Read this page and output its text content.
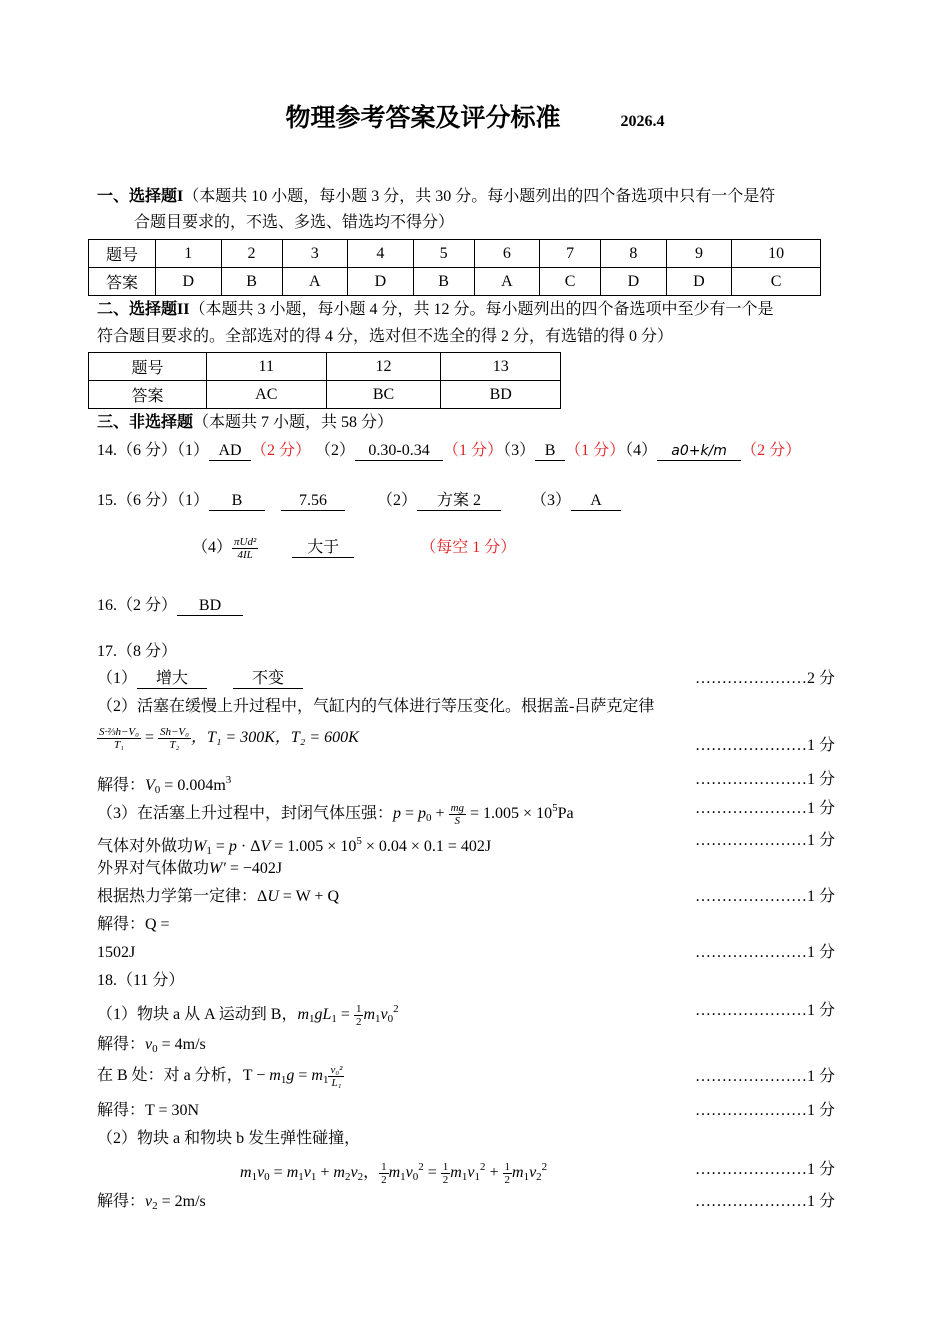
物理参考答案及评分标准	2026.4
一、选择题I（本题共 10 小题，每小题 3 分，共 30 分。每小题列出的四个备选项中只有一个是符
合题目要求的，不选、多选、错选均不得分）
题号	1	2	3	4	5	6	7	8	9	10
答案	D	B	A	D	B	A	C	D	D	C
二、选择题II（本题共 3 小题，每小题 4 分，共 12 分。每小题列出的四个备选项中至少有一个是
符合题目要求的。全部选对的得 4 分，选对但不选全的得 2 分，有选错的得 0 分）
题号	11	12	13
答案	AC	BC	BD
三、非选择题（本题共 7 小题，共 58 分）
14.（6 分）（1） AD （2 分） （2） 0.30-0.34 （1 分）（3） B （1 分）（4） a0+k/m （2 分）
15.（6 分）（1） B	7.56	（2） 方案 2	（3） A
$(4) \frac{\text{πUd²}}{4IL}$	大于	（每空 1 分）
16.（2 分） BD
17.（8 分）
（1） 增大	不变	…………………2 分
（2）活塞在缓慢上升过程中，气缸内的气体进行等压变化。根据盖-吕萨克定律
$\frac{\text{S·⅔h−V₀}}{\text{T₁}} = \frac{\text{Sh−V₀}}{\text{T₂}}$ ，T₁ = 300K，T₂ = 600K	…………………1 分
解得：$V_0 = 0.004m^3$	…………………1 分
（3）在活塞上升过程中，封闭气体压强：$p = p_0 + \frac{mg}{S} = 1.005 \times 10^5Pa$	…………………1 分
气体对外做功$W_1 = p \cdot \Delta V = 1.005 \times 10^5 \times 0.04 \times 0.1 = 402J$	…………………1 分
外界对气体做功W′ = −402J
根据热力学第一定律：ΔU = W + Q	…………………1 分
解得：Q =
1502J	…………………1 分
18.（11 分）
（1）物块 a 从 A 运动到 B，$m_1gL_1 = \frac{1}{2} m_1v_0^2$	…………………1 分
解得：$v_0 = 4m/s$
在 B 处：对 a 分析，$T - m_1g = m_1 \frac{\text{v₀²}}{\text{L₁}}$	…………………1 分
解得：T = 30N	…………………1 分
（2）物块 a 和物块 b 发生弹性碰撞，
$m_1v_0 = m_1v_1 + m_2v_2$， $\frac{1}{2} m_1v_0^2 = \frac{1}{2} m_1v_1^2 + \frac{1}{2} m_1v_2^2$	…………………1 分
解得：$v_2 = 2m/s$	…………………1 分
